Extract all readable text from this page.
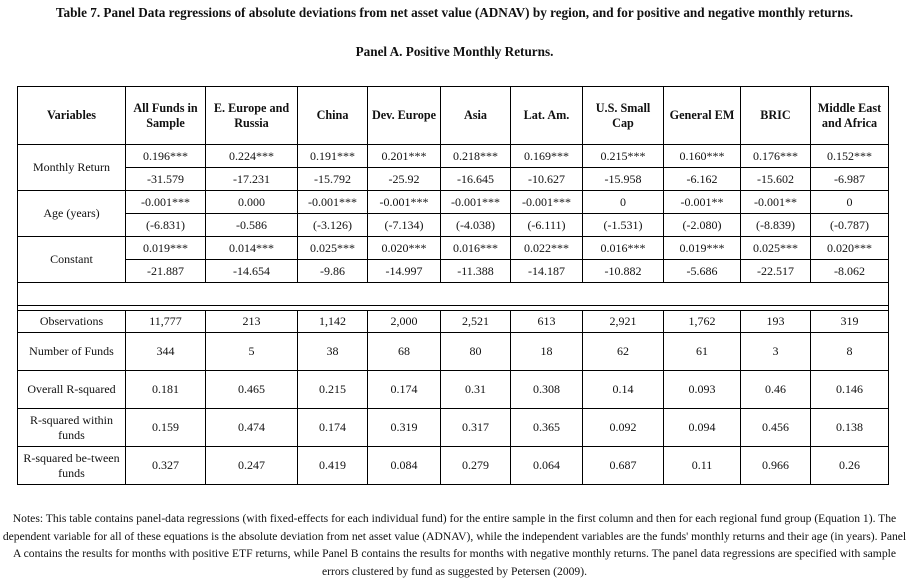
Table 7. Panel Data regressions of absolute deviations from net asset value (ADNAV) by region, and for positive and negative monthly returns.
Panel A. Positive Monthly Returns.
Variables	All Funds in Sample	E. Europe and Russia	China	Dev. Europe	Asia	Lat. Am.	U.S. Small Cap	General EM	BRIC	Middle East and Africa
Monthly Return	0.196***	0.224***	0.191***	0.201***	0.218***	0.169***	0.215***	0.160***	0.176***	0.152***
	-31.579	-17.231	-15.792	-25.92	-16.645	-10.627	-15.958	-6.162	-15.602	-6.987
Age (years)	-0.001***	0.000	-0.001***	-0.001***	-0.001***	-0.001***	0	-0.001**	-0.001**	0
	(-6.831)	-0.586	(-3.126)	(-7.134)	(-4.038)	(-6.111)	(-1.531)	(-2.080)	(-8.839)	(-0.787)
Constant	0.019***	0.014***	0.025***	0.020***	0.016***	0.022***	0.016***	0.019***	0.025***	0.020***
	-21.887	-14.654	-9.86	-14.997	-11.388	-14.187	-10.882	-5.686	-22.517	-8.062

Observations	11,777	213	1,142	2,000	2,521	613	2,921	1,762	193	319
Number of Funds	344	5	38	68	80	18	62	61	3	8
Overall R-squared	0.181	0.465	0.215	0.174	0.31	0.308	0.14	0.093	0.46	0.146
R-squared within funds	0.159	0.474	0.174	0.319	0.317	0.365	0.092	0.094	0.456	0.138
R-squared be-tween funds	0.327	0.247	0.419	0.084	0.279	0.064	0.687	0.11	0.966	0.26
Notes: This table contains panel-data regressions (with fixed-effects for each individual fund) for the entire sample in the first column and then for each regional fund group (Equation 1). The dependent variable for all of these equations is the absolute deviation from net asset value (ADNAV), while the independent variables are the funds' monthly returns and their age (in years). Panel A contains the results for months with positive ETF returns, while Panel B contains the results for months with negative monthly returns. The panel data regressions are specified with sample errors clustered by fund as suggested by Petersen (2009).
